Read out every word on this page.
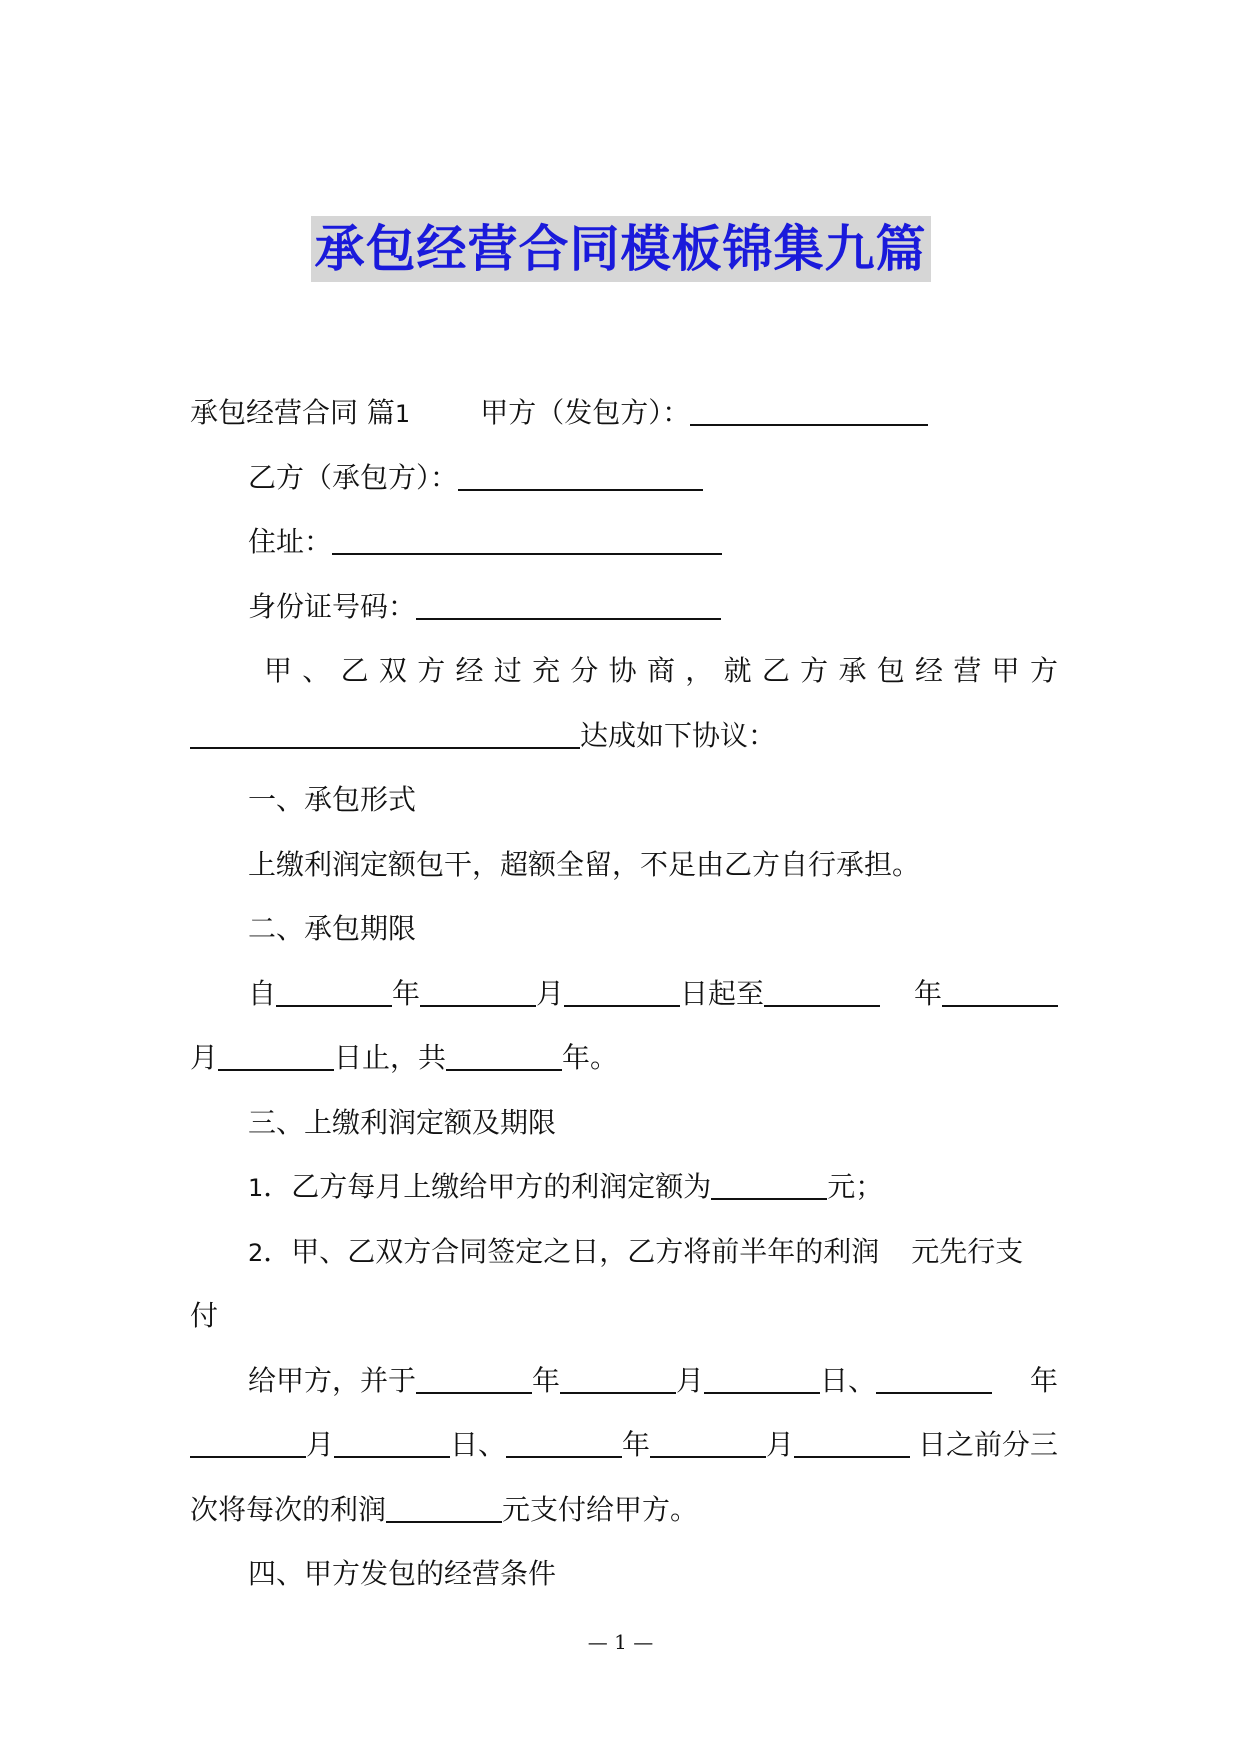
承包经营合同模板锦集九篇
承包经营合同 篇1	甲方（发包方）：
乙方（承包方）：
住址：
身份证号码：
甲 、 乙 双 方 经 过 充 分 协 商 ， 就 乙 方 承 包 经 营 甲 方
达成如下协议：
一、承包形式
上缴利润定额包干，超额全留，不足由乙方自行承担。
二、承包期限
自	年	月	日起至	年
月	日止，共	年。
三、上缴利润定额及期限
1．乙方每月上缴给甲方的利润定额为	元；
2．甲、乙双方合同签定之日，乙方将前半年的利润 元先行支
付
给甲方，并于	年	月	日、	年
月	日、	年	月	日之前分三
次将每次的利润	元支付给甲方。
四、甲方发包的经营条件
— 1 —
